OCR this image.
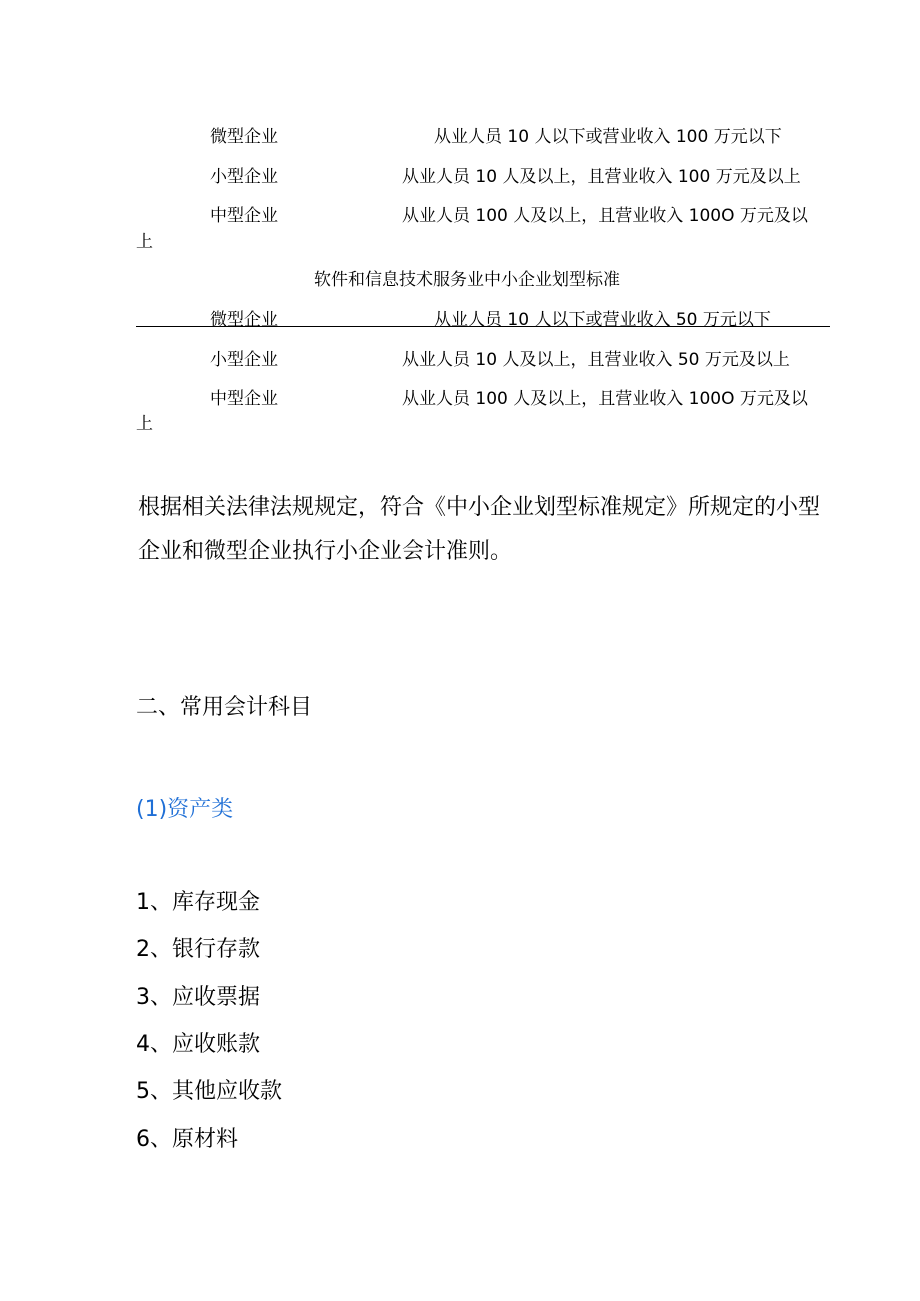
微型企业	从业人员 10 人以下或营业收入 100 万元以下
小型企业	从业人员 10 人及以上，且营业收入 100 万元及以上
中型企业	从业人员 100 人及以上，且营业收入 100O 万元及以
上
软件和信息技术服务业中小企业划型标准
微型企业	从业人员 10 人以下或营业收入 50 万元以下
小型企业	从业人员 10 人及以上，且营业收入 50 万元及以上
中型企业	从业人员 100 人及以上，且营业收入 100O 万元及以
上
根据相关法律法规规定，符合《中小企业划型标准规定》所规定的小型企业和微型企业执行小企业会计准则。
二、常用会计科目
(1)资产类
1、库存现金
2、银行存款
3、应收票据
4、应收账款
5、其他应收款
6、原材料
